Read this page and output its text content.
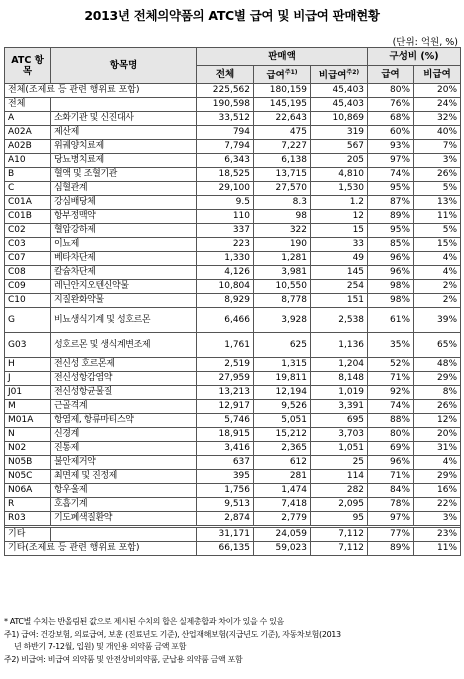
2013년 전체의약품의 ATC별 급여 및 비급여 판매현황
(단위: 억원, %)
ATC 항목	항목명	판매액			구성비 (%)	
		전체	급여$^{주1)}$	비급여$^{주2)}$	급여	비급여
전체(조제료 등 관련 행위료 포함)		225,562	180,159	45,403	80%	20%
전체		190,598	145,195	45,403	76%	24%
A	소화기관 및 신진대사	33,512	22,643	10,869	68%	32%
A02A	제산제	794	475	319	60%	40%
A02B	위궤양치료제	7,794	7,227	567	93%	7%
A10	당뇨병치료제	6,343	6,138	205	97%	3%
B	혈액 및 조혈기관	18,525	13,715	4,810	74%	26%
C	심혈관계	29,100	27,570	1,530	95%	5%
C01A	강심배당체	9.5	8.3	1.2	87%	13%
C01B	항부정맥약	110	98	12	89%	11%
C02	혈압강하제	337	322	15	95%	5%
C03	이뇨제	223	190	33	85%	15%
C07	베타차단제	1,330	1,281	49	96%	4%
C08	칼슘차단제	4,126	3,981	145	96%	4%
C09	레닌안지오텐신약물	10,804	10,550	254	98%	2%
C10	지질완화약물	8,929	8,778	151	98%	2%
G	비뇨생식기계 및 성호르몬	6,466	3,928	2,538	61%	39%
G03	성호르몬 및 생식계변조제	1,761	625	1,136	35%	65%
H	전신성 호르몬제	2,519	1,315	1,204	52%	48%
J	전신성항감염약	27,959	19,811	8,148	71%	29%
J01	전신성항균물질	13,213	12,194	1,019	92%	8%
M	근골격계	12,917	9,526	3,391	74%	26%
M01A	항염제, 항류마티스약	5,746	5,051	695	88%	12%
N	신경계	18,915	15,212	3,703	80%	20%
N02	진통제	3,416	2,365	1,051	69%	31%
N05B	불안제거약	637	612	25	96%	4%
N05C	최면제 및 진정제	395	281	114	71%	29%
N06A	항우울제	1,756	1,474	282	84%	16%
R	호흡기계	9,513	7,418	2,095	78%	22%
R03	기도폐색질환약	2,874	2,779	95	97%	3%

기타		31,171	24,059	7,112	77%	23%
기타(조제료 등 관련 행위료 포함)		66,135	59,023	7,112	89%	11%
* ATC별 수치는 반올림된 값으로 제시된 수치의 합은 실제총합과 차이가 있을 수 있음
주1) 급여: 건강보험, 의료급여, 보훈 (진료년도 기준), 산업재해보험(지급년도 기준), 자동차보험(2013
년 하반기 7-12월, 입원) 및 개인용 의약품 금액 포함
주2) 비급여: 비급여 의약품 및 안전상비의약품, 군납용 의약품 금액 포함
